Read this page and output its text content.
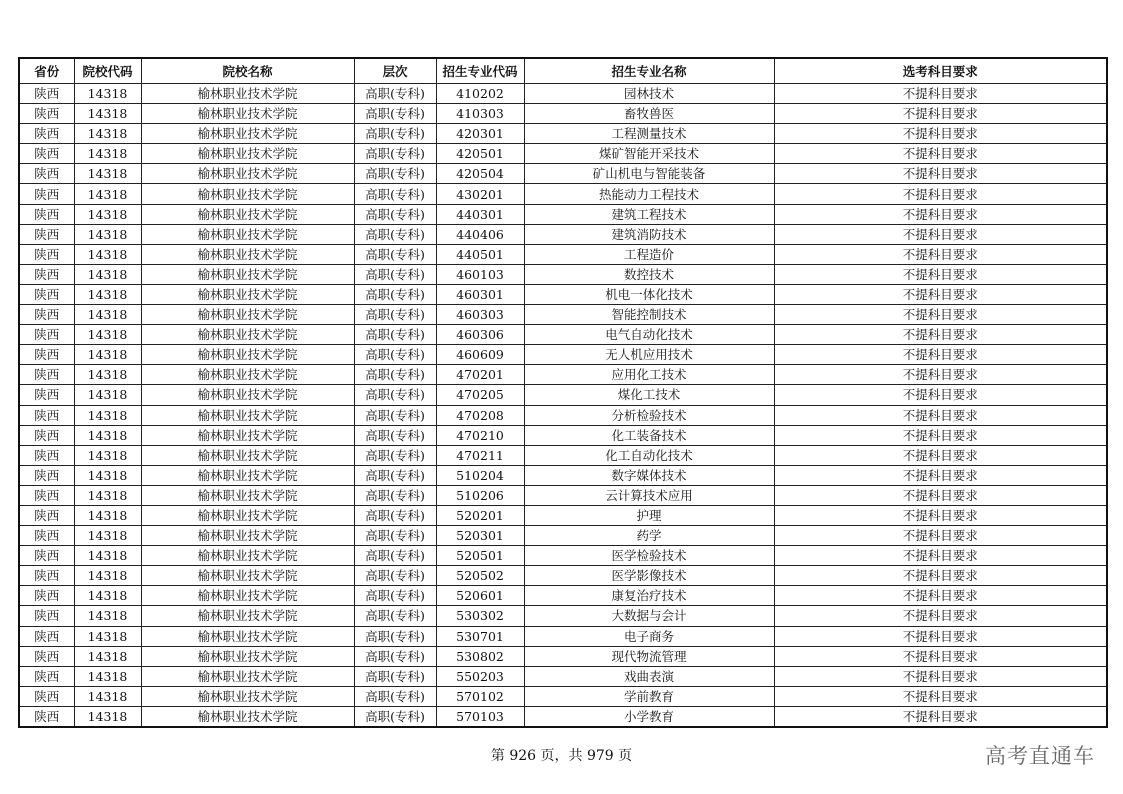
省份	院校代码	院校名称	层次	招生专业代码	招生专业名称	选考科目要求
陕西	14318	榆林职业技术学院	高职(专科)	410202	园林技术	不提科目要求
陕西	14318	榆林职业技术学院	高职(专科)	410303	畜牧兽医	不提科目要求
陕西	14318	榆林职业技术学院	高职(专科)	420301	工程测量技术	不提科目要求
陕西	14318	榆林职业技术学院	高职(专科)	420501	煤矿智能开采技术	不提科目要求
陕西	14318	榆林职业技术学院	高职(专科)	420504	矿山机电与智能装备	不提科目要求
陕西	14318	榆林职业技术学院	高职(专科)	430201	热能动力工程技术	不提科目要求
陕西	14318	榆林职业技术学院	高职(专科)	440301	建筑工程技术	不提科目要求
陕西	14318	榆林职业技术学院	高职(专科)	440406	建筑消防技术	不提科目要求
陕西	14318	榆林职业技术学院	高职(专科)	440501	工程造价	不提科目要求
陕西	14318	榆林职业技术学院	高职(专科)	460103	数控技术	不提科目要求
陕西	14318	榆林职业技术学院	高职(专科)	460301	机电一体化技术	不提科目要求
陕西	14318	榆林职业技术学院	高职(专科)	460303	智能控制技术	不提科目要求
陕西	14318	榆林职业技术学院	高职(专科)	460306	电气自动化技术	不提科目要求
陕西	14318	榆林职业技术学院	高职(专科)	460609	无人机应用技术	不提科目要求
陕西	14318	榆林职业技术学院	高职(专科)	470201	应用化工技术	不提科目要求
陕西	14318	榆林职业技术学院	高职(专科)	470205	煤化工技术	不提科目要求
陕西	14318	榆林职业技术学院	高职(专科)	470208	分析检验技术	不提科目要求
陕西	14318	榆林职业技术学院	高职(专科)	470210	化工装备技术	不提科目要求
陕西	14318	榆林职业技术学院	高职(专科)	470211	化工自动化技术	不提科目要求
陕西	14318	榆林职业技术学院	高职(专科)	510204	数字媒体技术	不提科目要求
陕西	14318	榆林职业技术学院	高职(专科)	510206	云计算技术应用	不提科目要求
陕西	14318	榆林职业技术学院	高职(专科)	520201	护理	不提科目要求
陕西	14318	榆林职业技术学院	高职(专科)	520301	药学	不提科目要求
陕西	14318	榆林职业技术学院	高职(专科)	520501	医学检验技术	不提科目要求
陕西	14318	榆林职业技术学院	高职(专科)	520502	医学影像技术	不提科目要求
陕西	14318	榆林职业技术学院	高职(专科)	520601	康复治疗技术	不提科目要求
陕西	14318	榆林职业技术学院	高职(专科)	530302	大数据与会计	不提科目要求
陕西	14318	榆林职业技术学院	高职(专科)	530701	电子商务	不提科目要求
陕西	14318	榆林职业技术学院	高职(专科)	530802	现代物流管理	不提科目要求
陕西	14318	榆林职业技术学院	高职(专科)	550203	戏曲表演	不提科目要求
陕西	14318	榆林职业技术学院	高职(专科)	570102	学前教育	不提科目要求
陕西	14318	榆林职业技术学院	高职(专科)	570103	小学教育	不提科目要求
第 926 页，共 979 页	高考直通车
